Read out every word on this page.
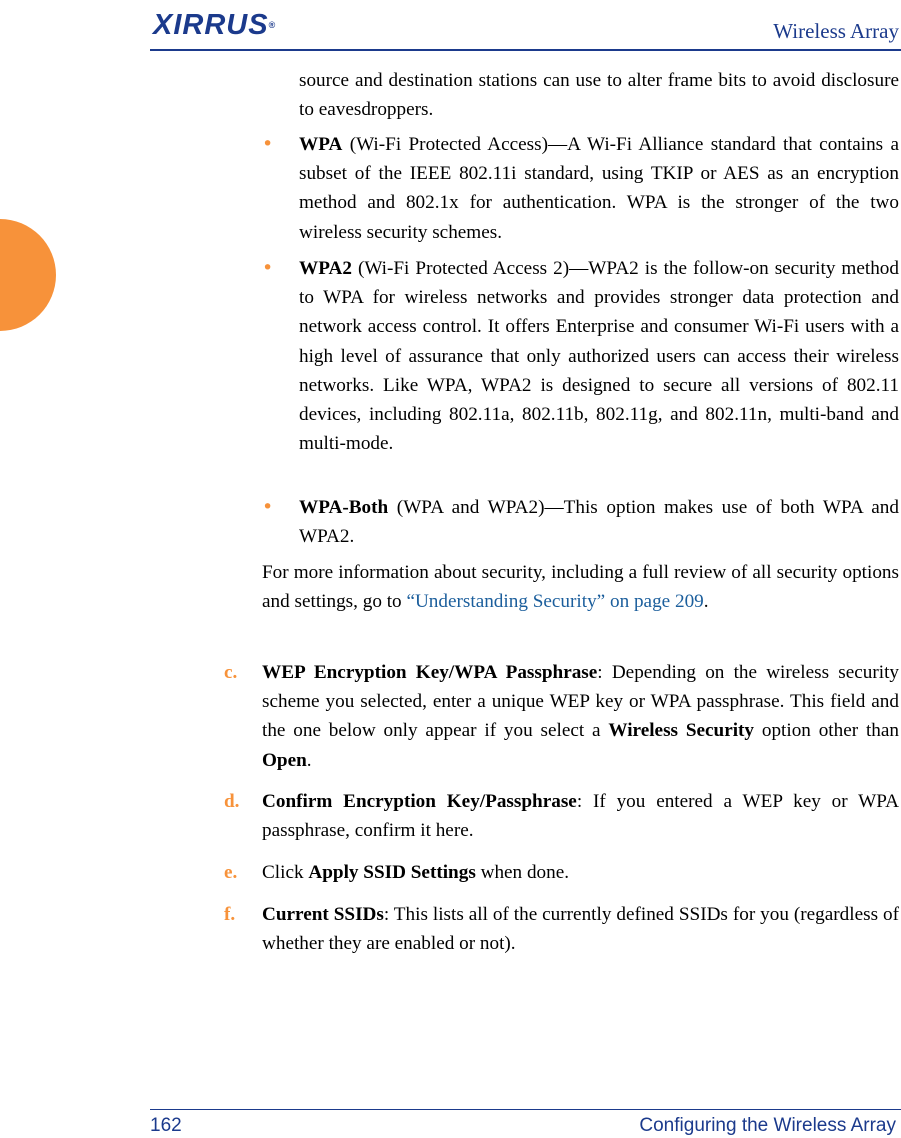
XIRRUS®	Wireless Array
source and destination stations can use to alter frame bits to avoid disclosure to eavesdroppers.
• WPA (Wi-Fi Protected Access)—A Wi-Fi Alliance standard that contains a subset of the IEEE 802.11i standard, using TKIP or AES as an encryption method and 802.1x for authentication. WPA is the stronger of the two wireless security schemes.
• WPA2 (Wi-Fi Protected Access 2)—WPA2 is the follow-on security method to WPA for wireless networks and provides stronger data protection and network access control. It offers Enterprise and consumer Wi-Fi users with a high level of assurance that only authorized users can access their wireless networks. Like WPA, WPA2 is designed to secure all versions of 802.11 devices, including 802.11a, 802.11b, 802.11g, and 802.11n, multi-band and multi-mode.
• WPA-Both (WPA and WPA2)—This option makes use of both WPA and WPA2.
For more information about security, including a full review of all security options and settings, go to “Understanding Security” on page 209.
c. WEP Encryption Key/WPA Passphrase: Depending on the wireless security scheme you selected, enter a unique WEP key or WPA passphrase. This field and the one below only appear if you select a Wireless Security option other than Open.
d. Confirm Encryption Key/Passphrase: If you entered a WEP key or WPA passphrase, confirm it here.
e. Click Apply SSID Settings when done.
f. Current SSIDs: This lists all of the currently defined SSIDs for you (regardless of whether they are enabled or not).
162	Configuring the Wireless Array
